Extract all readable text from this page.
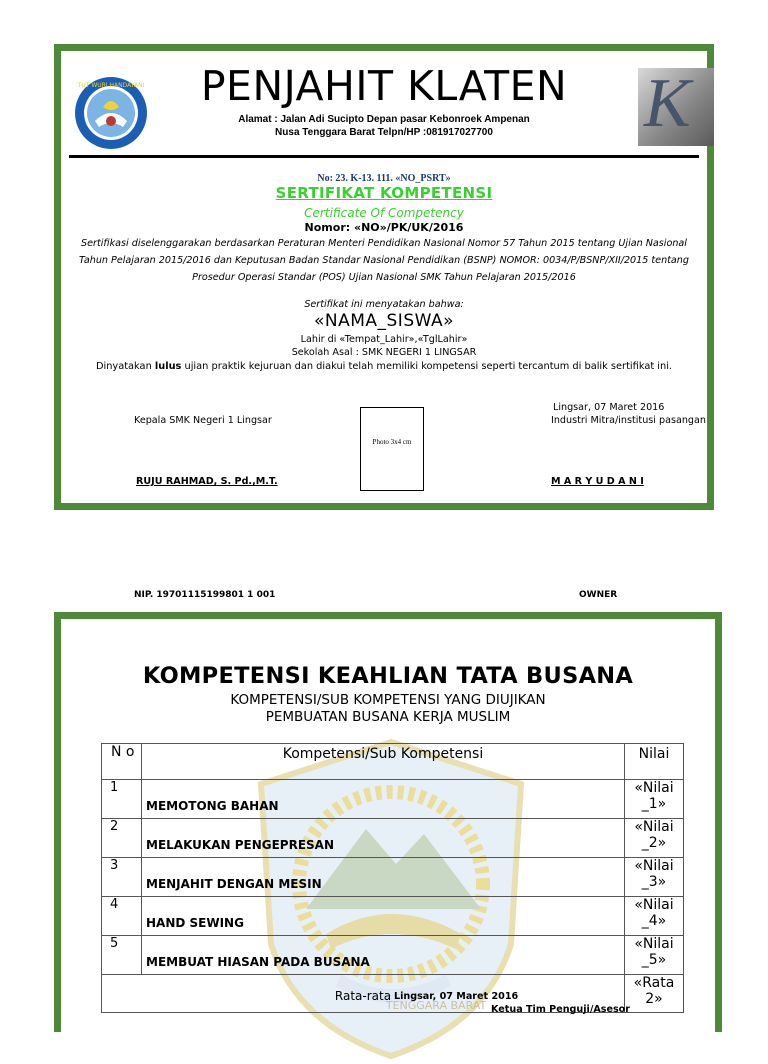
TUT WURI HANDAYANI	PENJAHIT KLATEN
Alamat : Jalan Adi Sucipto Depan pasar Kebonroek Ampenan
Nusa Tenggara Barat Telpn/HP :081917027700	K
No: 23. K-13. 111. «NO_PSRT»
SERTIFIKAT KOMPETENSI
Certificate Of Competency
Nomor: «NO»/PK/UK/2016
Sertifikasi diselenggarakan berdasarkan Peraturan Menteri Pendidikan Nasional Nomor 57 Tahun 2015 tentang Ujian Nasional
Tahun Pelajaran 2015/2016 dan Keputusan Badan Standar Nasional Pendidikan (BSNP) NOMOR: 0034/P/BSNP/XII/2015 tentang
Prosedur Operasi Standar (POS) Ujian Nasional SMK Tahun Pelajaran 2015/2016
Sertifikat ini menyatakan bahwa:
«NAMA_SISWA»
Lahir di «Tempat_Lahir»,«TglLahir»
Sekolah Asal : SMK NEGERI 1 LINGSAR
Dinyatakan lulus ujian praktik kejuruan dan diakui telah memiliki kompetensi seperti tercantum di balik sertifikat ini.
Lingsar, 07 Maret 2016
Kepala SMK Negeri 1 Lingsar	Industri Mitra/institusi pasangan
Photo 3x4 cm
RUJU RAHMAD, S. Pd.,M.T.	M A R Y U D A N I
NIP. 19701115199801 1 001	OWNER
TENGGARA BARAT
KOMPETENSI KEAHLIAN TATA BUSANA
KOMPETENSI/SUB KOMPETENSI YANG DIUJIKAN
PEMBUATAN BUSANA KERJA MUSLIM
N o	Kompetensi/Sub Kompetensi	Nilai
1	MEMOTONG BAHAN	«Nilai _1»
2	MELAKUKAN PENGEPRESAN	«Nilai _2»
3	MENJAHIT DENGAN MESIN	«Nilai _3»
4	HAND SEWING	«Nilai _4»
5	MEMBUAT HIASAN PADA BUSANA	«Nilai _5»
Rata-rata		«Rata 2»
Lingsar, 07 Maret 2016
Ketua Tim Penguji/Asesor
